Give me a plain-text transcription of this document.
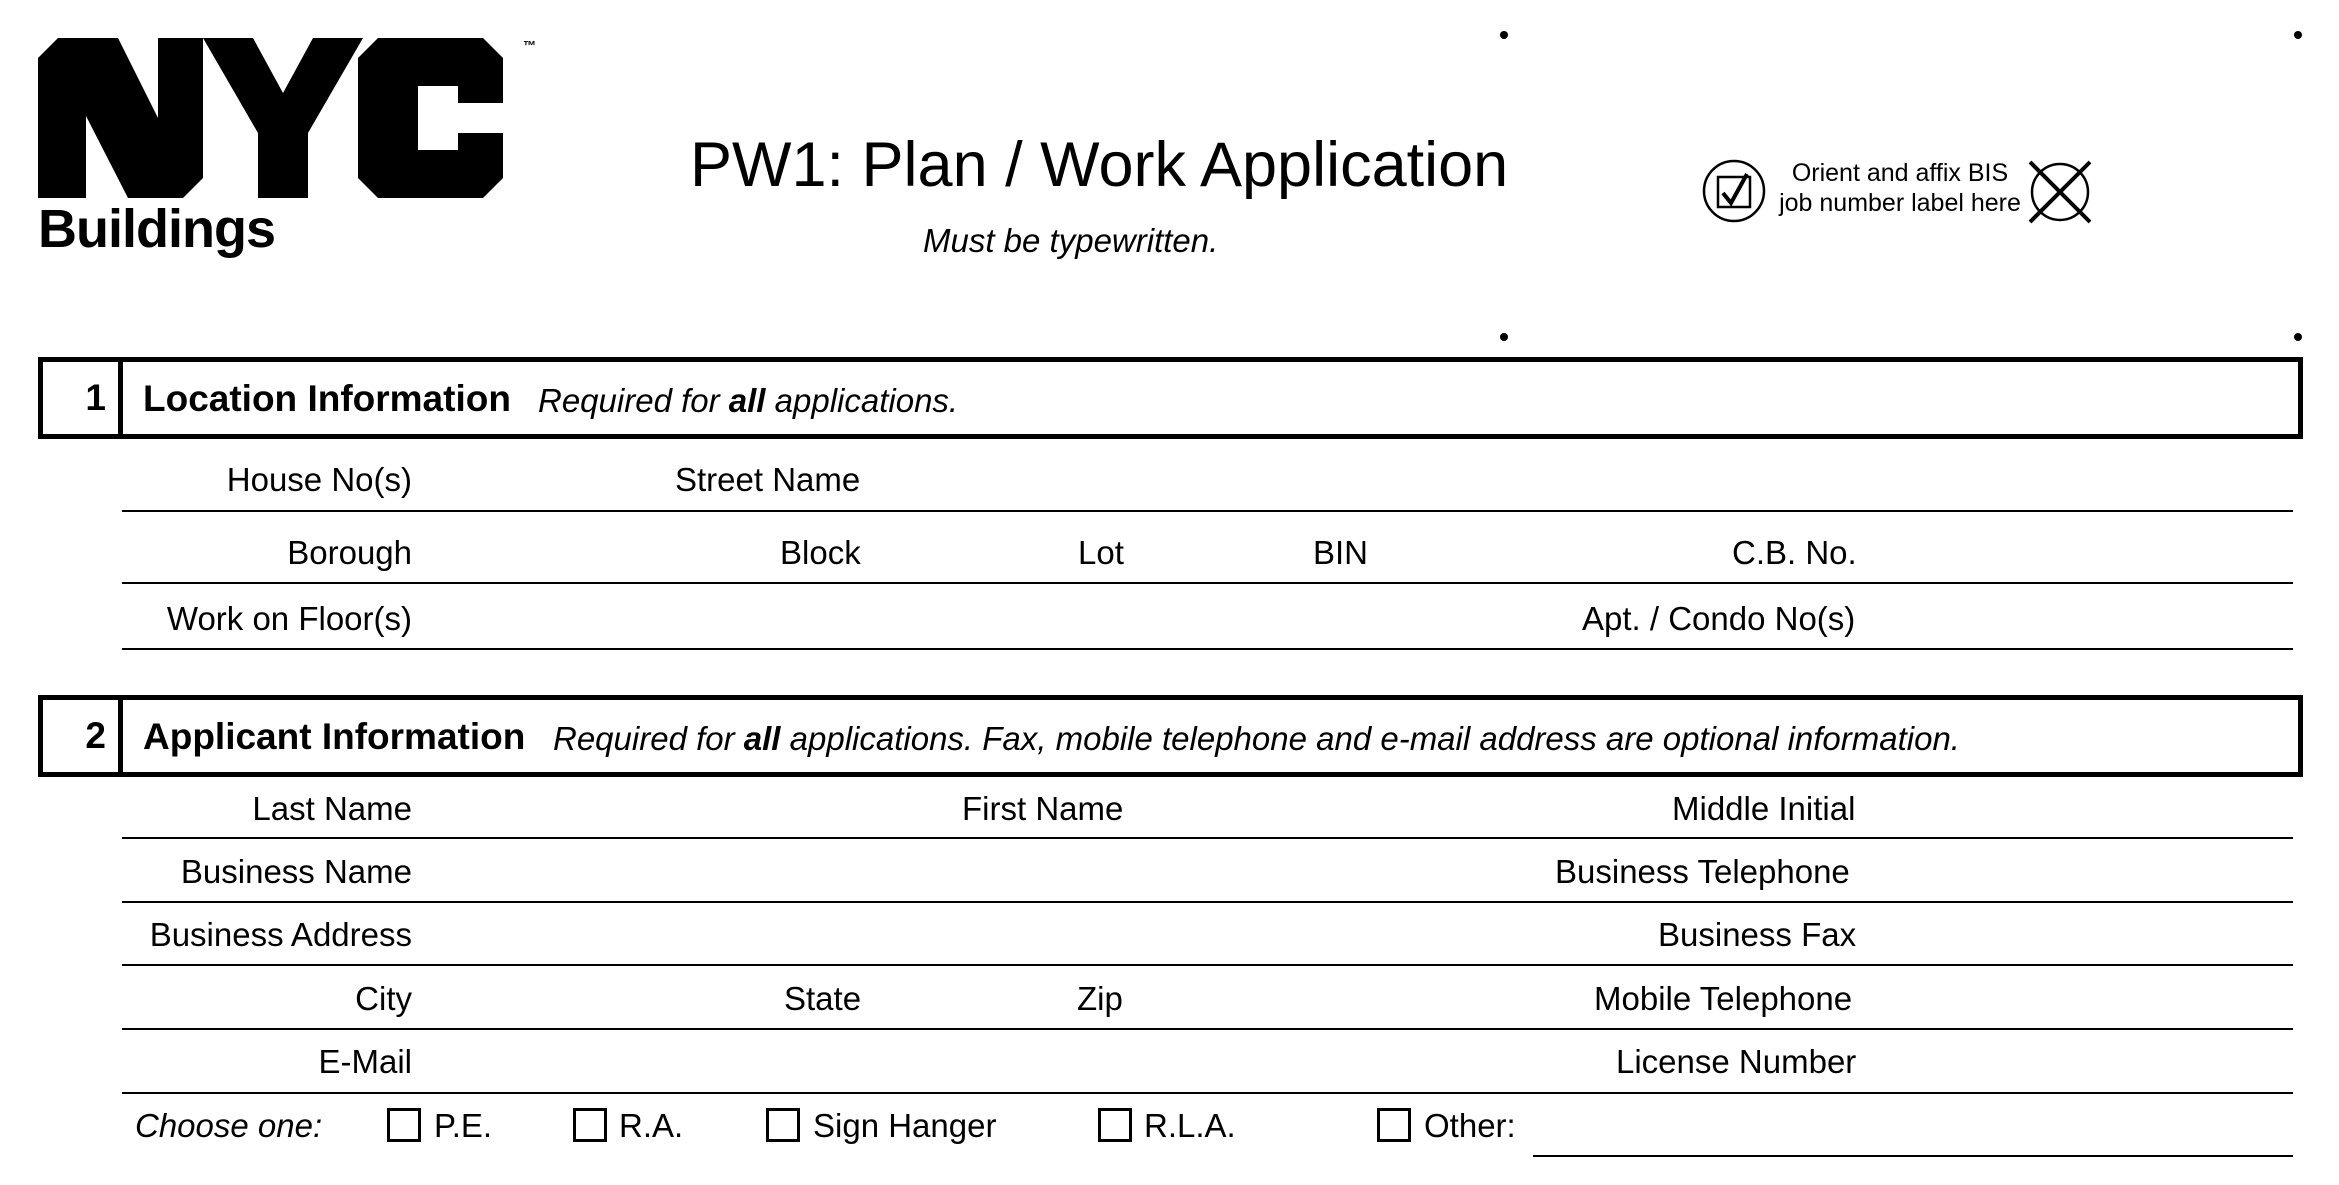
™
Buildings
PW1: Plan / Work Application
Must be typewritten.
Orient and affix BIS
job number label here
1	Location Information Required for all applications.
House No(s)	Street Name
Borough	Block	Lot	BIN	C.B. No.
Work on Floor(s)	Apt. / Condo No(s)
2	Applicant Information Required for all applications. Fax, mobile telephone and e-mail address are optional information.
Last Name	First Name	Middle Initial
Business Name	Business Telephone
Business Address	Business Fax
City	State	Zip	Mobile Telephone
E-Mail	License Number
Choose one:	P.E.	R.A.	Sign Hanger	R.L.A.	Other:
